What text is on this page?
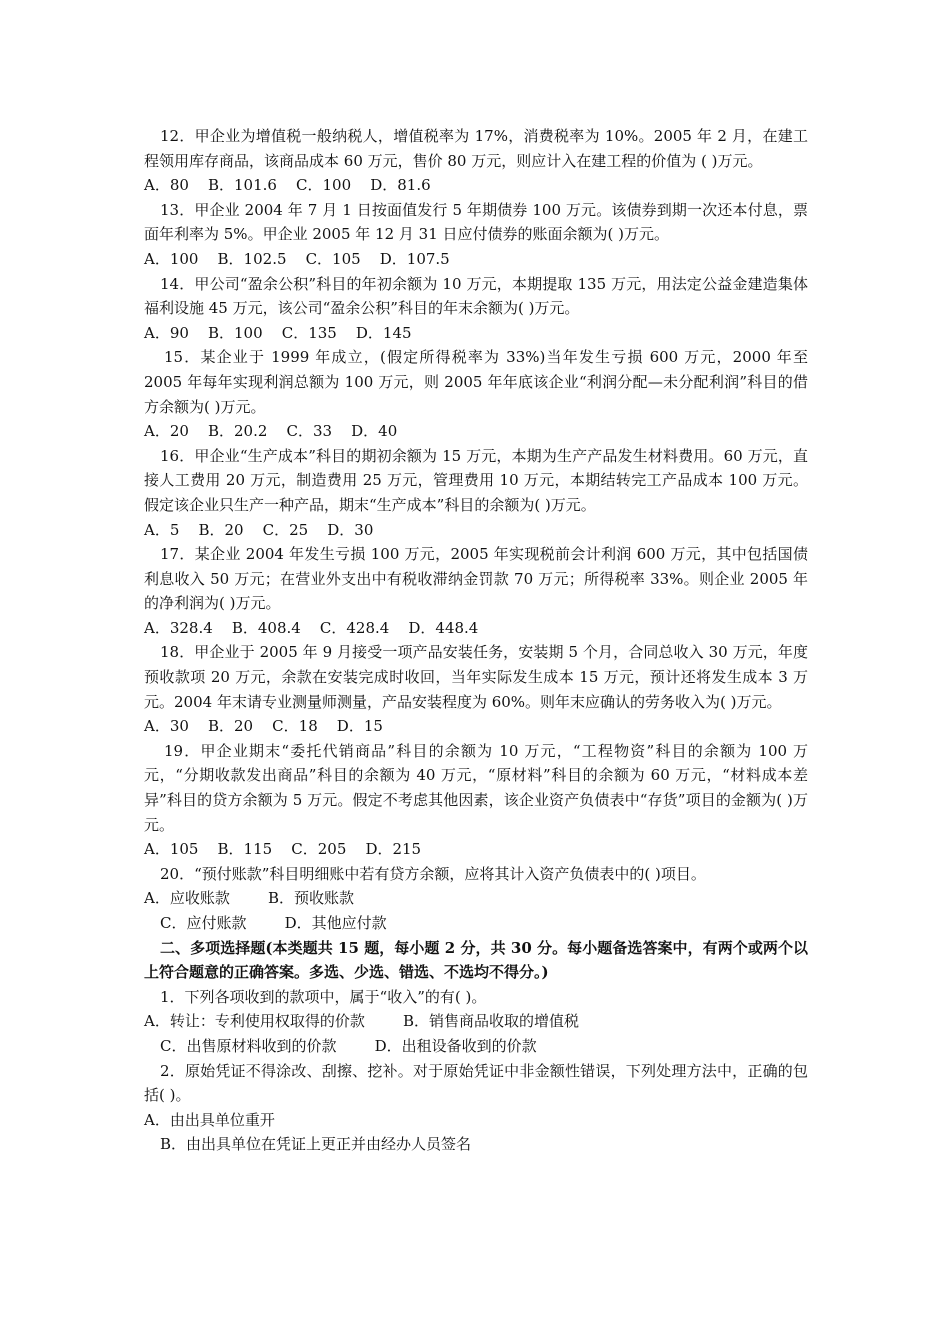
12．甲企业为增值税一般纳税人，增值税率为 17%，消费税率为 10%。2005 年 2 月，在建工程领用库存商品，该商品成本 60 万元，售价 80 万元，则应计入在建工程的价值为 ( )万元。

A．80    B．101.6    C．100    D．81.6

13．甲企业 2004 年 7 月 1 日按面值发行 5 年期债券 100 万元。该债券到期一次还本付息，票面年利率为 5%。甲企业 2005 年 12 月 31 日应付债券的账面余额为( )万元。

A．100    B．102.5    C．105    D．107.5

14．甲公司“盈余公积”科目的年初余额为 10 万元，本期提取 135 万元，用法定公益金建造集体福利设施 45 万元，该公司“盈余公积”科目的年末余额为( )万元。

A．90    B．100    C．135    D．145

15．某企业于 1999 年成立，(假定所得税率为 33%)当年发生亏损 600 万元，2000 年至 2005 年每年实现利润总额为 100 万元，则 2005 年年底该企业“利润分配—未分配利润”科目的借方余额为( )万元。

A．20    B．20.2    C．33    D．40

16．甲企业“生产成本”科目的期初余额为 15 万元，本期为生产产品发生材料费用。60 万元，直接人工费用 20 万元，制造费用 25 万元，管理费用 10 万元，本期结转完工产品成本 100 万元。假定该企业只生产一种产品，期末“生产成本”科目的余额为( )万元。

A．5    B．20    C．25    D．30

17．某企业 2004 年发生亏损 100 万元，2005 年实现税前会计利润 600 万元，其中包括国债利息收入 50 万元；在营业外支出中有税收滞纳金罚款 70 万元；所得税率 33%。则企业 2005 年的净利润为( )万元。

A．328.4    B．408.4    C．428.4    D．448.4

18．甲企业于 2005 年 9 月接受一项产品安装任务，安装期 5 个月，合同总收入 30 万元，年度预收款项 20 万元，余款在安装完成时收回，当年实际发生成本 15 万元，预计还将发生成本 3 万元。2004 年末请专业测量师测量，产品安装程度为 60%。则年末应确认的劳务收入为( )万元。

A．30    B．20    C．18    D．15

19．甲企业期末“委托代销商品”科目的余额为 10 万元，“工程物资”科目的余额为 100 万元，“分期收款发出商品”科目的余额为 40 万元，“原材料”科目的余额为 60 万元，“材料成本差异”科目的贷方余额为 5 万元。假定不考虑其他因素，该企业资产负债表中“存货”项目的金额为( )万元。

A．105    B．115    C．205    D．215

20．“预付账款”科目明细账中若有贷方余额，应将其计入资产负债表中的( )项目。

A．应收账款        B．预收账款

C．应付账款        D．其他应付款

二、多项选择题(本类题共 15 题，每小题 2 分，共 30 分。每小题备选答案中，有两个或两个以上符合题意的正确答案。多选、少选、错选、不选均不得分。)

1．下列各项收到的款项中，属于“收入”的有( )。

A．转让：专利使用权取得的价款        B．销售商品收取的增值税

C．出售原材料收到的价款        D．出租设备收到的价款

2．原始凭证不得涂改、刮擦、挖补。对于原始凭证中非金额性错误，下列处理方法中，正确的包括( )。

A．由出具单位重开

B．由出具单位在凭证上更正并由经办人员签名
